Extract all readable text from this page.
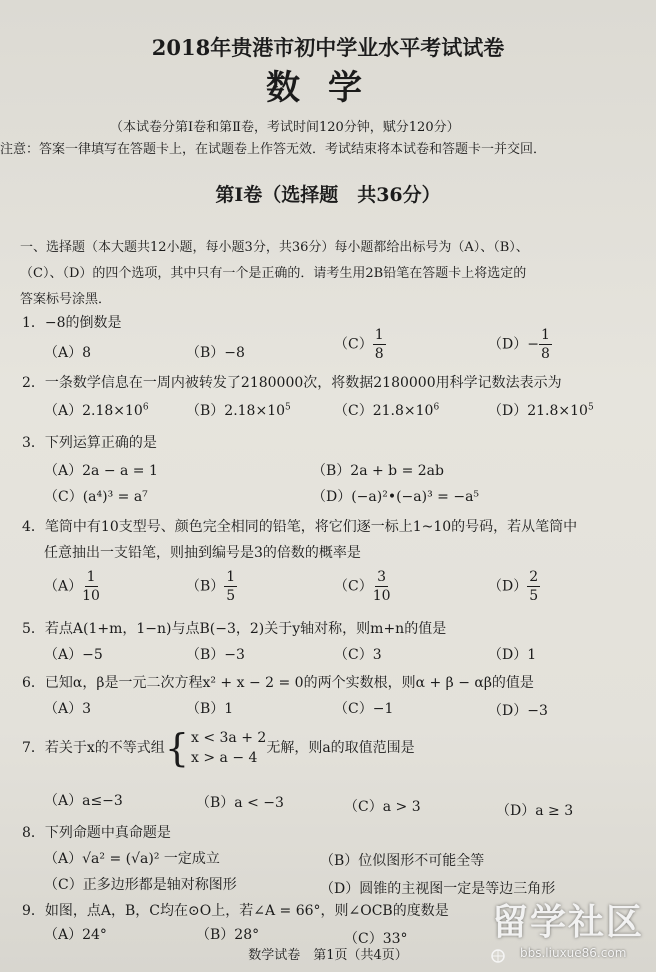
2018年贵港市初中学业水平考试试卷
数学
（本试卷分第Ⅰ卷和第Ⅱ卷，考试时间120分钟，赋分120分）
注意：答案一律填写在答题卡上，在试题卷上作答无效．考试结束将本试卷和答题卡一并交回．
第Ⅰ卷（选择题　共36分）
一、选择题（本大题共12小题，每小题3分，共36分）每小题都给出标号为（A）、（B）、
（C）、（D）的四个选项，其中只有一个是正确的．请考生用2B铅笔在答题卡上将选定的
答案标号涂黑．
1．−8的倒数是
（A）8	（B）−8
$(C) \frac{1}{8}$	$(D)- \frac{1}{8}$
2．一条数学信息在一周内被转发了2180000次，将数据2180000用科学记数法表示为
$(A)2.18\times 10^6$	$(B)2.18\times 10^5$	$(C)21.8\times 10^6$	$(D)21.8\times 10^5$
3．下列运算正确的是
（A）2a − a = 1	（B）2a + b = 2ab
（C）(a⁴)³ = a⁷	（D）(−a)²•(−a)³ = −a⁵
4．笔筒中有10支型号、颜色完全相同的铅笔，将它们逐一标上1~10的号码，若从笔筒中
任意抽出一支铅笔，则抽到编号是3的倍数的概率是
$(A) \frac{1}{10}$	$(B) \frac{1}{5}$	$(C) \frac{3}{10}$	$(D) \frac{2}{5}$
5．若点A(1+m，1−n)与点B(−3，2)关于y轴对称，则m+n的值是
（A）−5	（B）−3	（C）3	（D）1
6．已知α，β是一元二次方程x² + x − 2 = 0的两个实数根，则α + β − αβ的值是
（A）3	（B）1	（C）−1	（D）−3
7．若关于x的不等式组{ x < 3a + 2
x > a − 4
无解，则a的取值范围是
（A）a≤−3	（B）a < −3	（C）a > 3	（D）a ≥ 3
8．下列命题中真命题是
（A）√a² = (√a)² 一定成立	（B）位似图形不可能全等
（C）正多边形都是轴对称图形	（D）圆锥的主视图一定是等边三角形
9．如图，点A，B，C均在⊙O上，若∠A = 66°，则∠OCB的度数是
（A）24°	（B）28°	（C）33°
数学试卷　第1页（共4页）
留学社区
bbs.liuxue86.com
